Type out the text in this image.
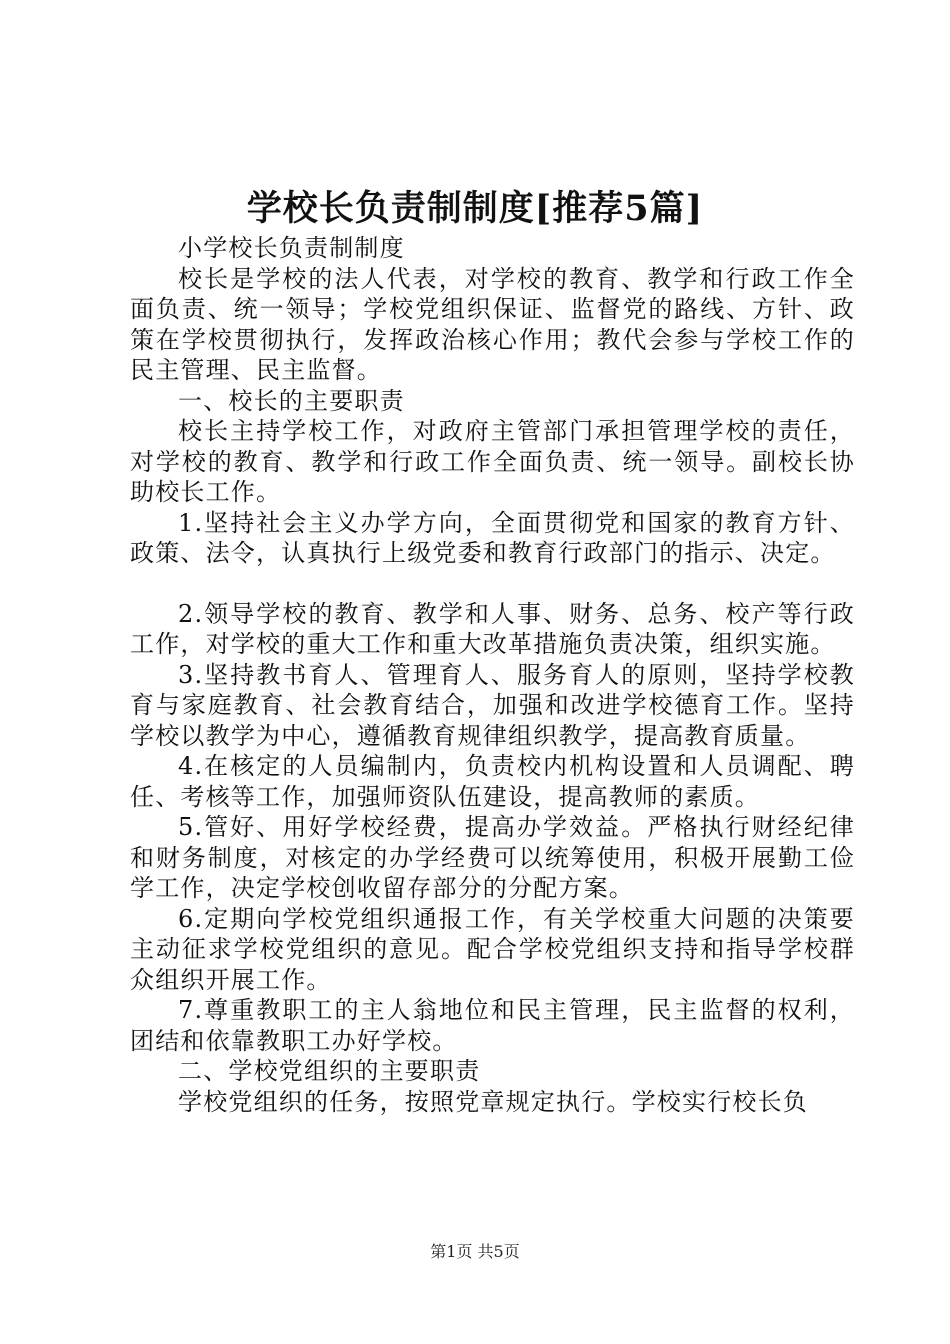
学校长负责制制度[推荐5篇]

小学校长负责制制度

校长是学校的法人代表，对学校的教育、教学和行政工作全面负责、统一领导；学校党组织保证、监督党的路线、方针、政策在学校贯彻执行，发挥政治核心作用；教代会参与学校工作的民主管理、民主监督。

一、校长的主要职责

校长主持学校工作，对政府主管部门承担管理学校的责任，对学校的教育、教学和行政工作全面负责、统一领导。副校长协助校长工作。

1.坚持社会主义办学方向，全面贯彻党和国家的教育方针、政策、法令，认真执行上级党委和教育行政部门的指示、决定。

2.领导学校的教育、教学和人事、财务、总务、校产等行政工作，对学校的重大工作和重大改革措施负责决策，组织实施。

3.坚持教书育人、管理育人、服务育人的原则，坚持学校教育与家庭教育、社会教育结合，加强和改进学校德育工作。坚持学校以教学为中心，遵循教育规律组织教学，提高教育质量。

4.在核定的人员编制内，负责校内机构设置和人员调配、聘任、考核等工作，加强师资队伍建设，提高教师的素质。

5.管好、用好学校经费，提高办学效益。严格执行财经纪律和财务制度，对核定的办学经费可以统筹使用，积极开展勤工俭学工作，决定学校创收留存部分的分配方案。

6.定期向学校党组织通报工作，有关学校重大问题的决策要主动征求学校党组织的意见。配合学校党组织支持和指导学校群众组织开展工作。

7.尊重教职工的主人翁地位和民主管理，民主监督的权利，团结和依靠教职工办好学校。

二、学校党组织的主要职责

学校党组织的任务，按照党章规定执行。学校实行校长负

第1页 共5页
